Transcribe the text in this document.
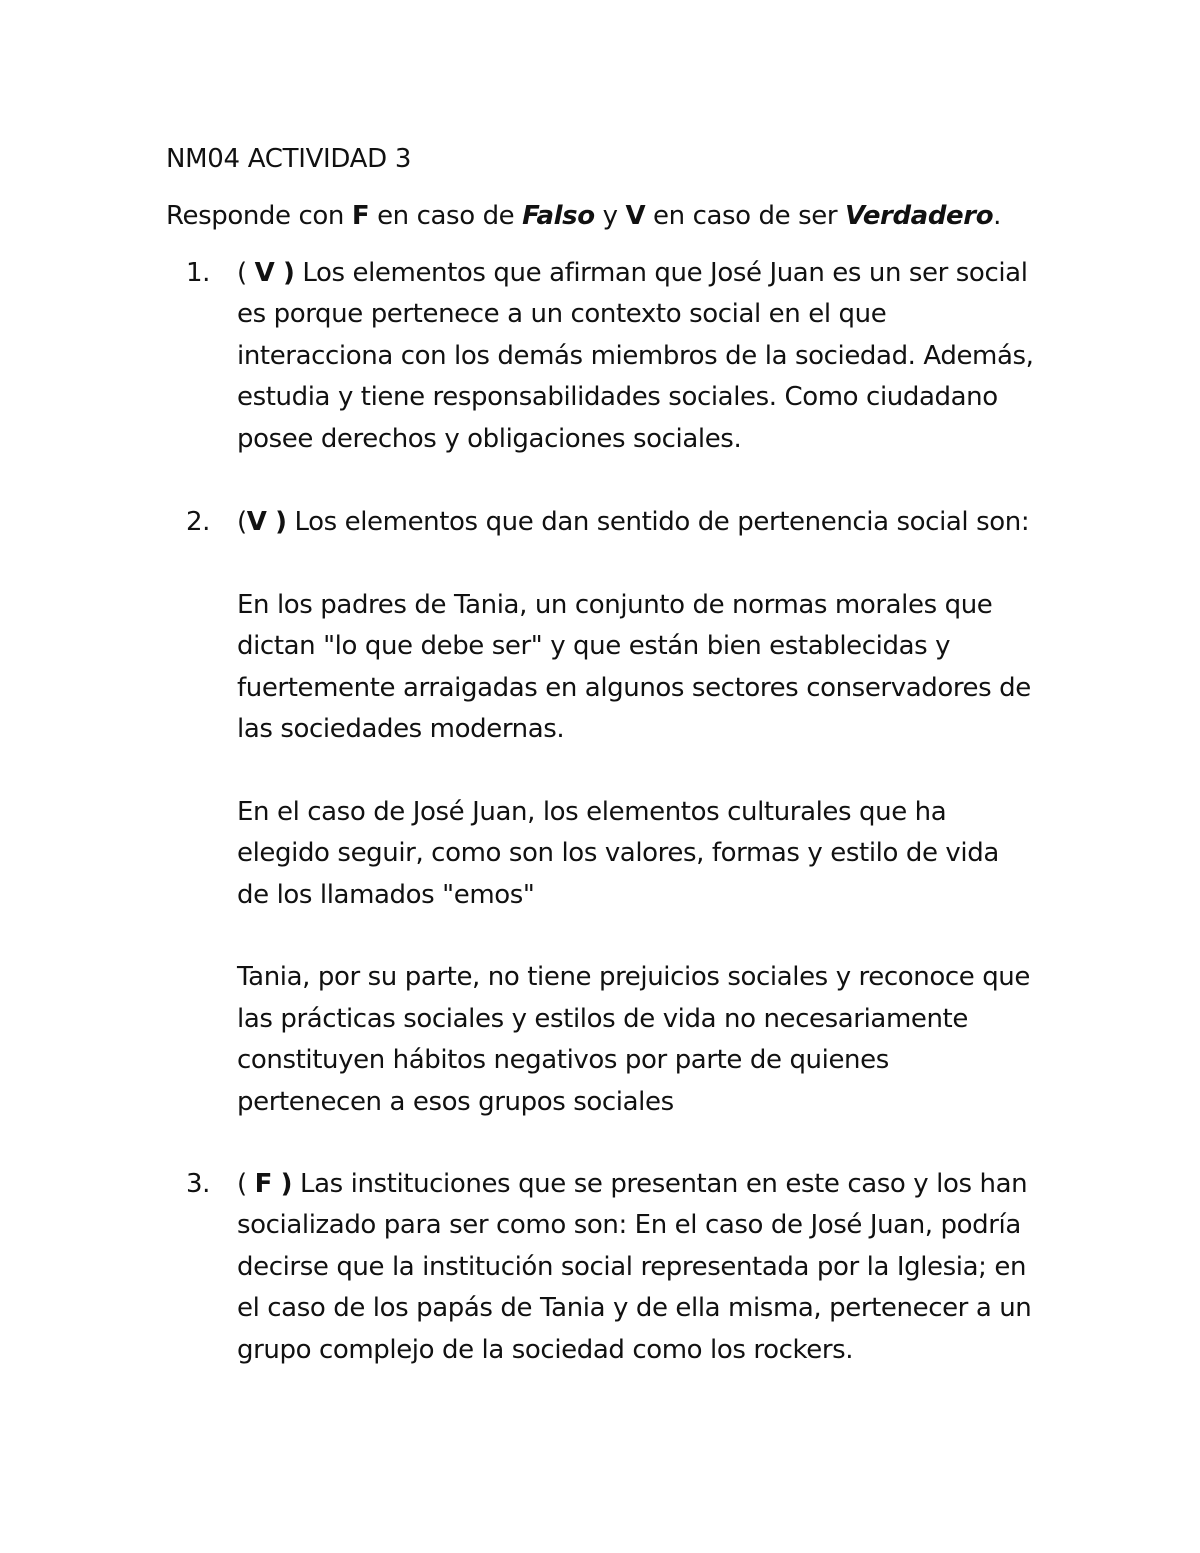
NM04 ACTIVIDAD 3
Responde con F en caso de Falso y V en caso de ser Verdadero.
1.	( V ) Los elementos que afirman que José Juan es un ser social es porque pertenece a un contexto social en el que interacciona con los demás miembros de la sociedad. Además, estudia y tiene responsabilidades sociales. Como ciudadano posee derechos y obligaciones sociales.

2.	(V ) Los elementos que dan sentido de pertenencia social son:

En los padres de Tania, un conjunto de normas morales que dictan "lo que debe ser" y que están bien establecidas y fuertemente arraigadas en algunos sectores conservadores de las sociedades modernas.

En el caso de José Juan, los elementos culturales que ha elegido seguir, como son los valores, formas y estilo de vida de los llamados "emos"

Tania, por su parte, no tiene prejuicios sociales y reconoce que las prácticas sociales y estilos de vida no necesariamente constituyen hábitos negativos por parte de quienes pertenecen a esos grupos sociales

3.	( F ) Las instituciones que se presentan en este caso y los han socializado para ser como son: En el caso de José Juan, podría decirse que la institución social representada por la Iglesia; en el caso de los papás de Tania y de ella misma, pertenecer a un grupo complejo de la sociedad como los rockers.
